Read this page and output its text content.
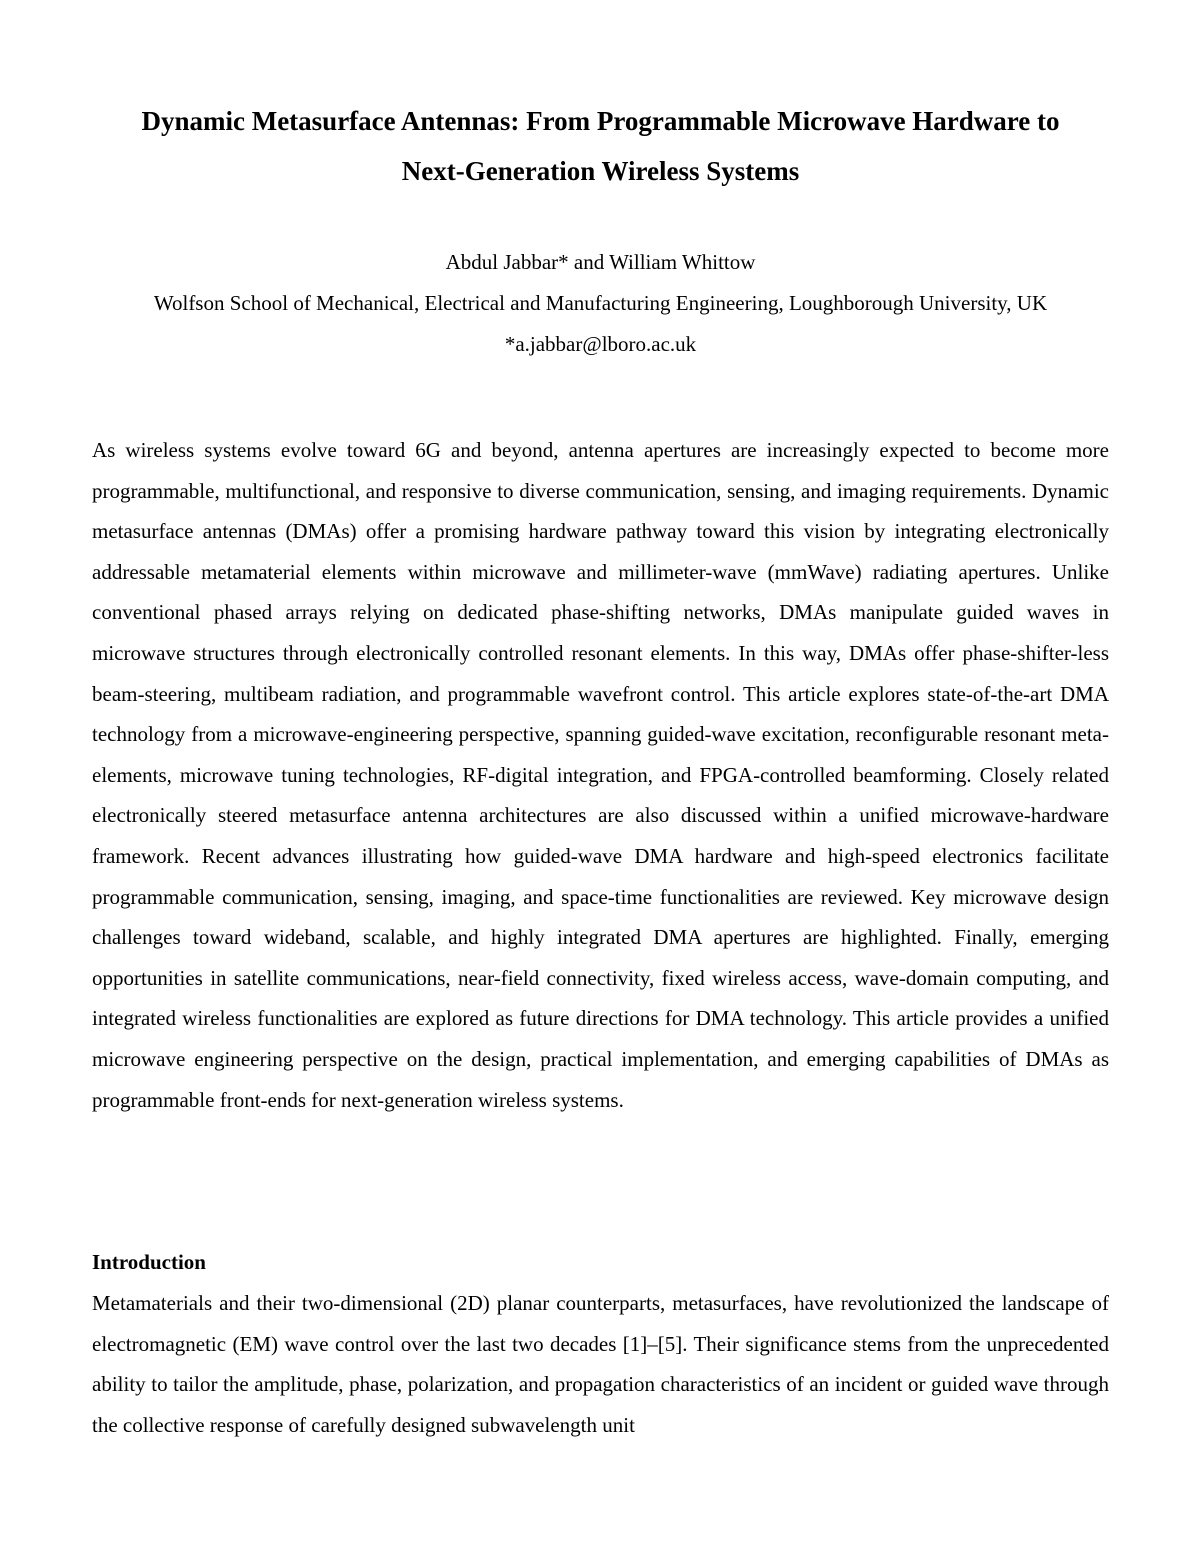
Dynamic Metasurface Antennas: From Programmable Microwave Hardware to
Next-Generation Wireless Systems
Abdul Jabbar* and William Whittow
Wolfson School of Mechanical, Electrical and Manufacturing Engineering, Loughborough University, UK
*a.jabbar@lboro.ac.uk

As wireless systems evolve toward 6G and beyond, antenna apertures are increasingly expected to become more programmable, multifunctional, and responsive to diverse communication, sensing, and imaging requirements. Dynamic metasurface antennas (DMAs) offer a promising hardware pathway toward this vision by integrating electronically addressable metamaterial elements within microwave and millimeter-wave (mmWave) radiating apertures. Unlike conventional phased arrays relying on dedicated phase-shifting networks, DMAs manipulate guided waves in microwave structures through electronically controlled resonant elements. In this way, DMAs offer phase-shifter-less beam-steering, multibeam radiation, and programmable wavefront control. This article explores state-of-the-art DMA technology from a microwave-engineering perspective, spanning guided-wave excitation, reconfigurable resonant meta-elements, microwave tuning technologies, RF-digital integration, and FPGA-controlled beamforming. Closely related electronically steered metasurface antenna architectures are also discussed within a unified microwave-hardware framework. Recent advances illustrating how guided-wave DMA hardware and high-speed electronics facilitate programmable communication, sensing, imaging, and space-time functionalities are reviewed. Key microwave design challenges toward wideband, scalable, and highly integrated DMA apertures are highlighted. Finally, emerging opportunities in satellite communications, near-field connectivity, fixed wireless access, wave-domain computing, and integrated wireless functionalities are explored as future directions for DMA technology. This article provides a unified microwave engineering perspective on the design, practical implementation, and emerging capabilities of DMAs as programmable front-ends for next-generation wireless systems.

Introduction

Metamaterials and their two-dimensional (2D) planar counterparts, metasurfaces, have revolutionized the landscape of electromagnetic (EM) wave control over the last two decades [1]–[5]. Their significance stems from the unprecedented ability to tailor the amplitude, phase, polarization, and propagation characteristics of an incident or guided wave through the collective response of carefully designed subwavelength unit
